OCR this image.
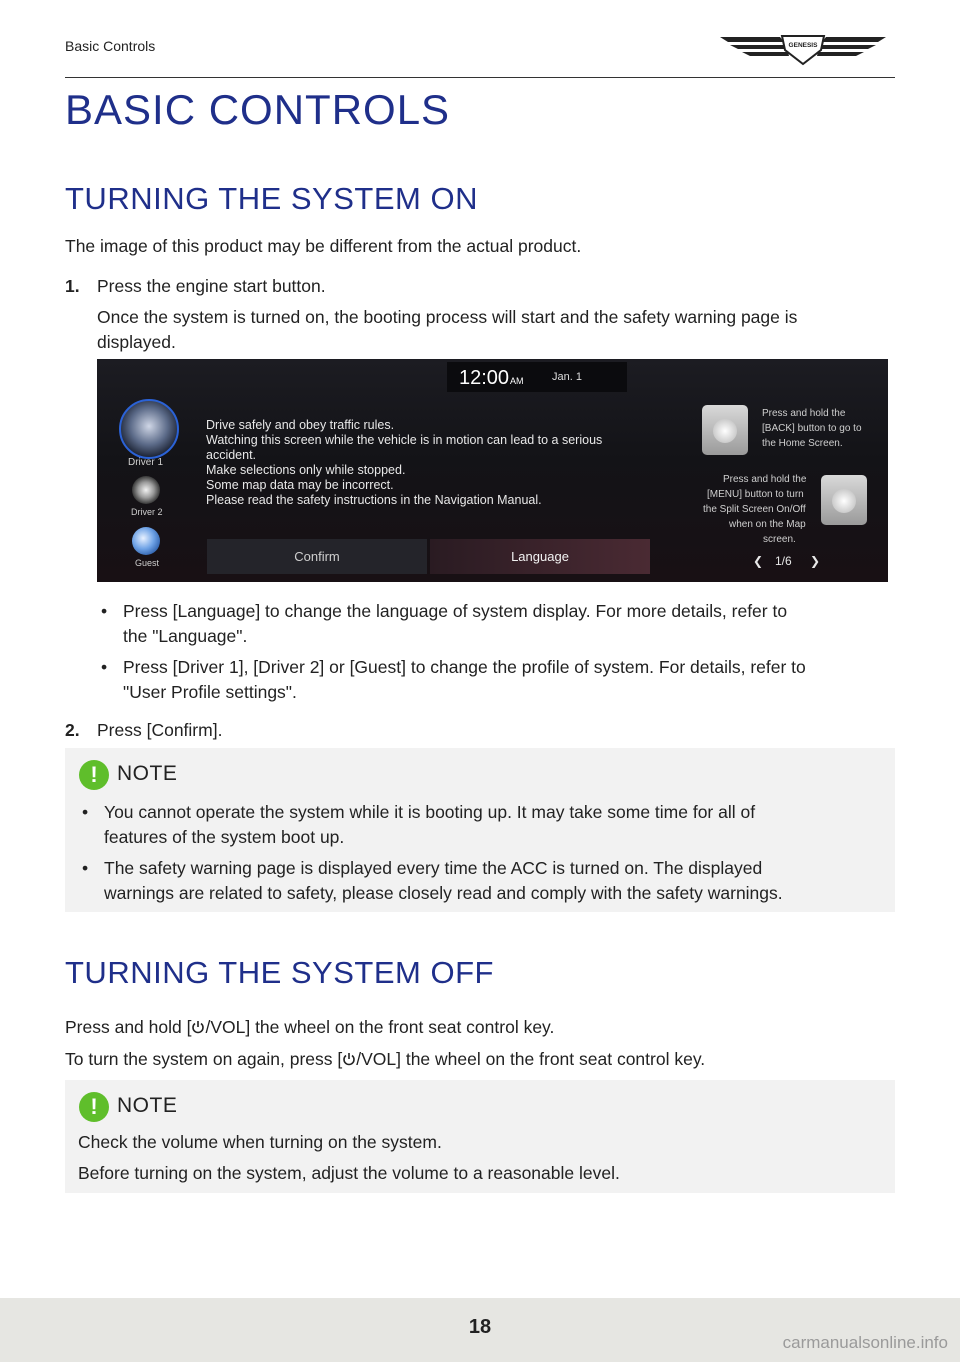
Basic Controls	GENESIS
BASIC CONTROLS
TURNING THE SYSTEM ON

The image of this product may be different from the actual product.

1. Press the engine start button.

Once the system is turned on, the booting process will start and the safety warning page is

displayed.

12:00 AM	Jan. 1
Driver 1
Driver 2
Guest
Drive safely and obey traffic rules.
Watching this screen while the vehicle is in motion can lead to a serious
accident.
Make selections only while stopped.
Some map data may be incorrect.
Please read the safety instructions in the Navigation Manual.
Confirm	Language
Press and hold the
[BACK] button to go to
the Home Screen.
Press and hold the
[MENU] button to turn
the Split Screen On/Off
when on the Map
screen.
❮ 1/6 ❯
• Press [Language] to change the language of system display. For more details, refer to
the "Language".
• Press [Driver 1], [Driver 2] or [Guest] to change the profile of system. For details, refer to
"User Profile settings".
2. Press [Confirm].

! NOTE
• You cannot operate the system while it is booting up. It may take some time for all of
features of the system boot up.
• The safety warning page is displayed every time the ACC is turned on. The displayed
warnings are related to safety, please closely read and comply with the safety warnings.
TURNING THE SYSTEM OFF

Press and hold [ /VOL] the wheel on the front seat control key.

To turn the system on again, press [ /VOL] the wheel on the front seat control key.

! NOTE

Check the volume when turning on the system.

Before turning on the system, adjust the volume to a reasonable level.

18
carmanualsonline.info
